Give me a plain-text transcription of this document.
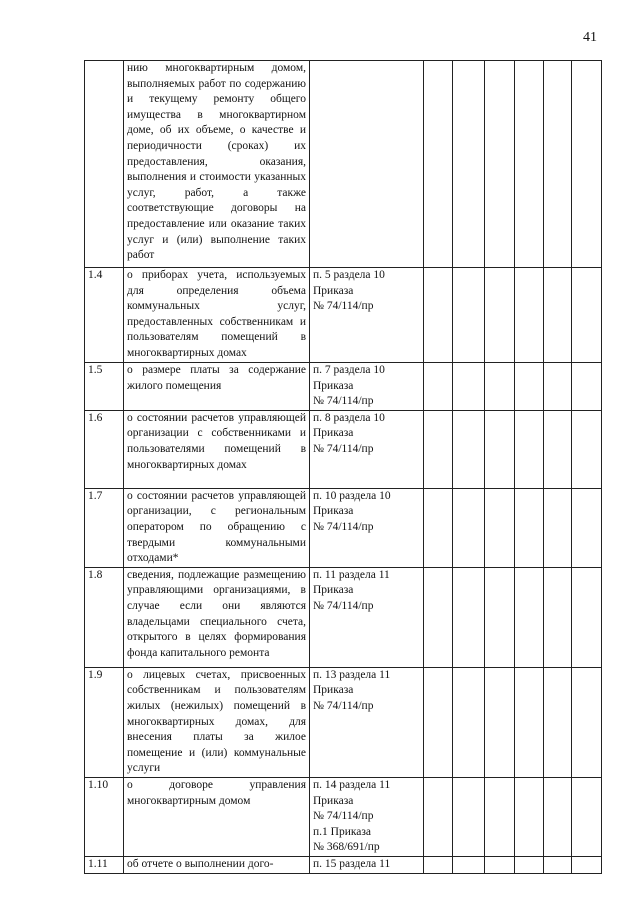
41
	нию многоквартирным домом, выполняемых работ по содержанию и текущему ремонту общего имущества в многоквартирном доме, об их объеме, о качестве и периодичности (сроках) их предоставления, оказания, выполнения и стоимости указанных услуг, работ, а также соответствующие договоры на предоставление или оказание таких услуг и (или) выполнение таких работ							
1.4	о приборах учета, используемых для определения объема коммунальных услуг, предоставленных собственникам и пользователям помещений в многоквартирных домах	п. 5 раздела 10
Приказа
№ 74/114/пр						

1.5	о размере платы за содержание жилого помещения	п. 7 раздела 10
Приказа
№ 74/114/пр						

1.6	о состоянии расчетов управляющей организации с собственниками и пользователями помещений в многоквартирных домах	п. 8 раздела 10
Приказа
№ 74/114/пр						

1.7	о состоянии расчетов управляющей организации, с региональным оператором по обращению с твердыми коммунальными отходами*	п. 10 раздела 10
Приказа
№ 74/114/пр						

1.8	сведения, подлежащие размещению управляющими организациями, в случае если они являются владельцами специального счета, открытого в целях формирования фонда капитального ремонта	п. 11 раздела 11
Приказа
№ 74/114/пр						

1.9	о лицевых счетах, присвоенных собственникам и пользователям жилых (нежилых) помещений в многоквартирных домах, для внесения платы за жилое помещение и (или) коммунальные услуги	п. 13 раздела 11
Приказа
№ 74/114/пр						

1.10	о договоре управления многоквартирным домом	п. 14 раздела 11
Приказа
№ 74/114/пр
п.1 Приказа
№ 368/691/пр						

1.11	об отчете о выполнении дого-	п. 15 раздела 11						
